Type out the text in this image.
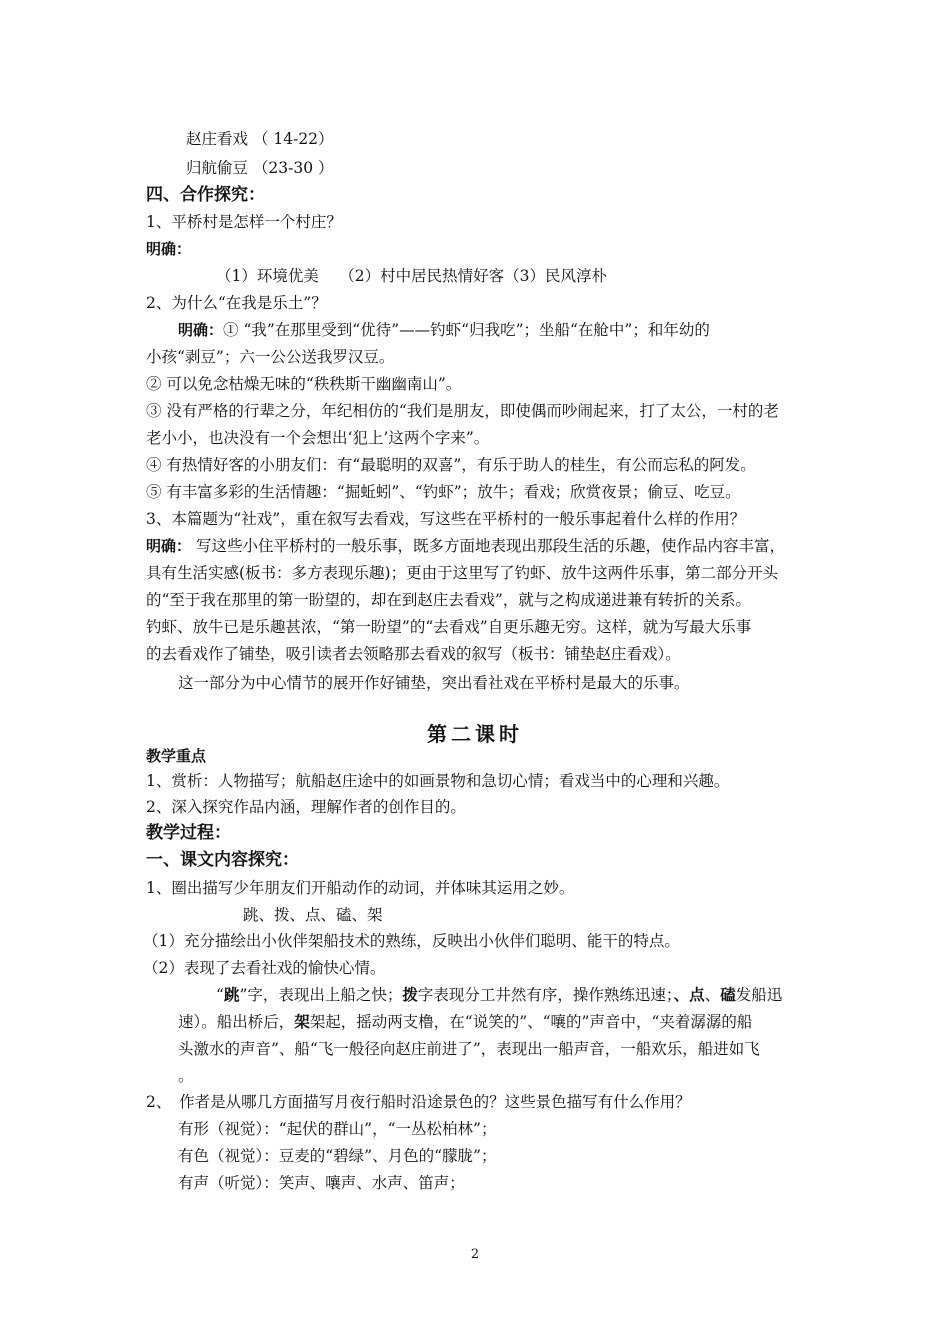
赵庄看戏 （ 14-22）
归航偷豆 （23-30 ）
四、合作探究：
1、平桥村是怎样一个村庄？
明确：
（1）环境优美　 （2）村中居民热情好客（3）民风淳朴
2、为什么“在我是乐土”？
明确：① “我”在那里受到“优待”——钓虾“归我吃”；坐船“在舱中”；和年幼的
小孩“剥豆”；六一公公送我罗汉豆。
② 可以免念枯燥无味的“秩秩斯干幽幽南山”。
③ 没有严格的行辈之分，年纪相仿的“我们是朋友，即使偶而吵闹起来，打了太公，一村的老
老小小，也决没有一个会想出‘犯上’这两个字来”。
④ 有热情好客的小朋友们：有“最聪明的双喜”，有乐于助人的桂生，有公而忘私的阿发。
⑤ 有丰富多彩的生活情趣：“掘蚯蚓”、“钓虾”；放牛；看戏；欣赏夜景；偷豆、吃豆。
3、本篇题为“社戏”，重在叙写去看戏，写这些在平桥村的一般乐事起着什么样的作用？
明确： 写这些小住平桥村的一般乐事，既多方面地表现出那段生活的乐趣，使作品内容丰富，
具有生活实感(板书：多方表现乐趣)；更由于这里写了钓虾、放牛这两件乐事，第二部分开头
的“至于我在那里的第一盼望的，却在到赵庄去看戏”，就与之构成递进兼有转折的关系。
钓虾、放牛已是乐趣甚浓，“第一盼望”的“去看戏”自更乐趣无穷。这样，就为写最大乐事
的去看戏作了铺垫，吸引读者去领略那去看戏的叙写（板书：铺垫赵庄看戏）。
这一部分为中心情节的展开作好铺垫，突出看社戏在平桥村是最大的乐事。
第二课时
教学重点
1、赏析：人物描写；航船赵庄途中的如画景物和急切心情；看戏当中的心理和兴趣。
2、深入探究作品内涵，理解作者的创作目的。
教学过程：
一、课文内容探究：
1、圈出描写少年朋友们开船动作的动词，并体味其运用之妙。
跳、拨、点、磕、架
（1）充分描绘出小伙伴架船技术的熟练，反映出小伙伴们聪明、能干的特点。
（2）表现了去看社戏的愉快心情。
“跳”字，表现出上船之快；拨字表现分工井然有序，操作熟练迅速；、点、磕发船迅
速）。船出桥后，架架起，摇动两支橹，在“说笑的”、“嚷的”声音中，“夹着潺潺的船
头激水的声音”、船“飞一般径向赵庄前进了”，表现出一船声音，一船欢乐，船进如飞
。
2、　作者是从哪几方面描写月夜行船时沿途景色的？这些景色描写有什么作用？
有形（视觉）：“起伏的群山”，“一丛松柏林”；
有色（视觉）：豆麦的“碧绿”、月色的“朦胧”；
有声（听觉）：笑声、嚷声、水声、笛声；
2
